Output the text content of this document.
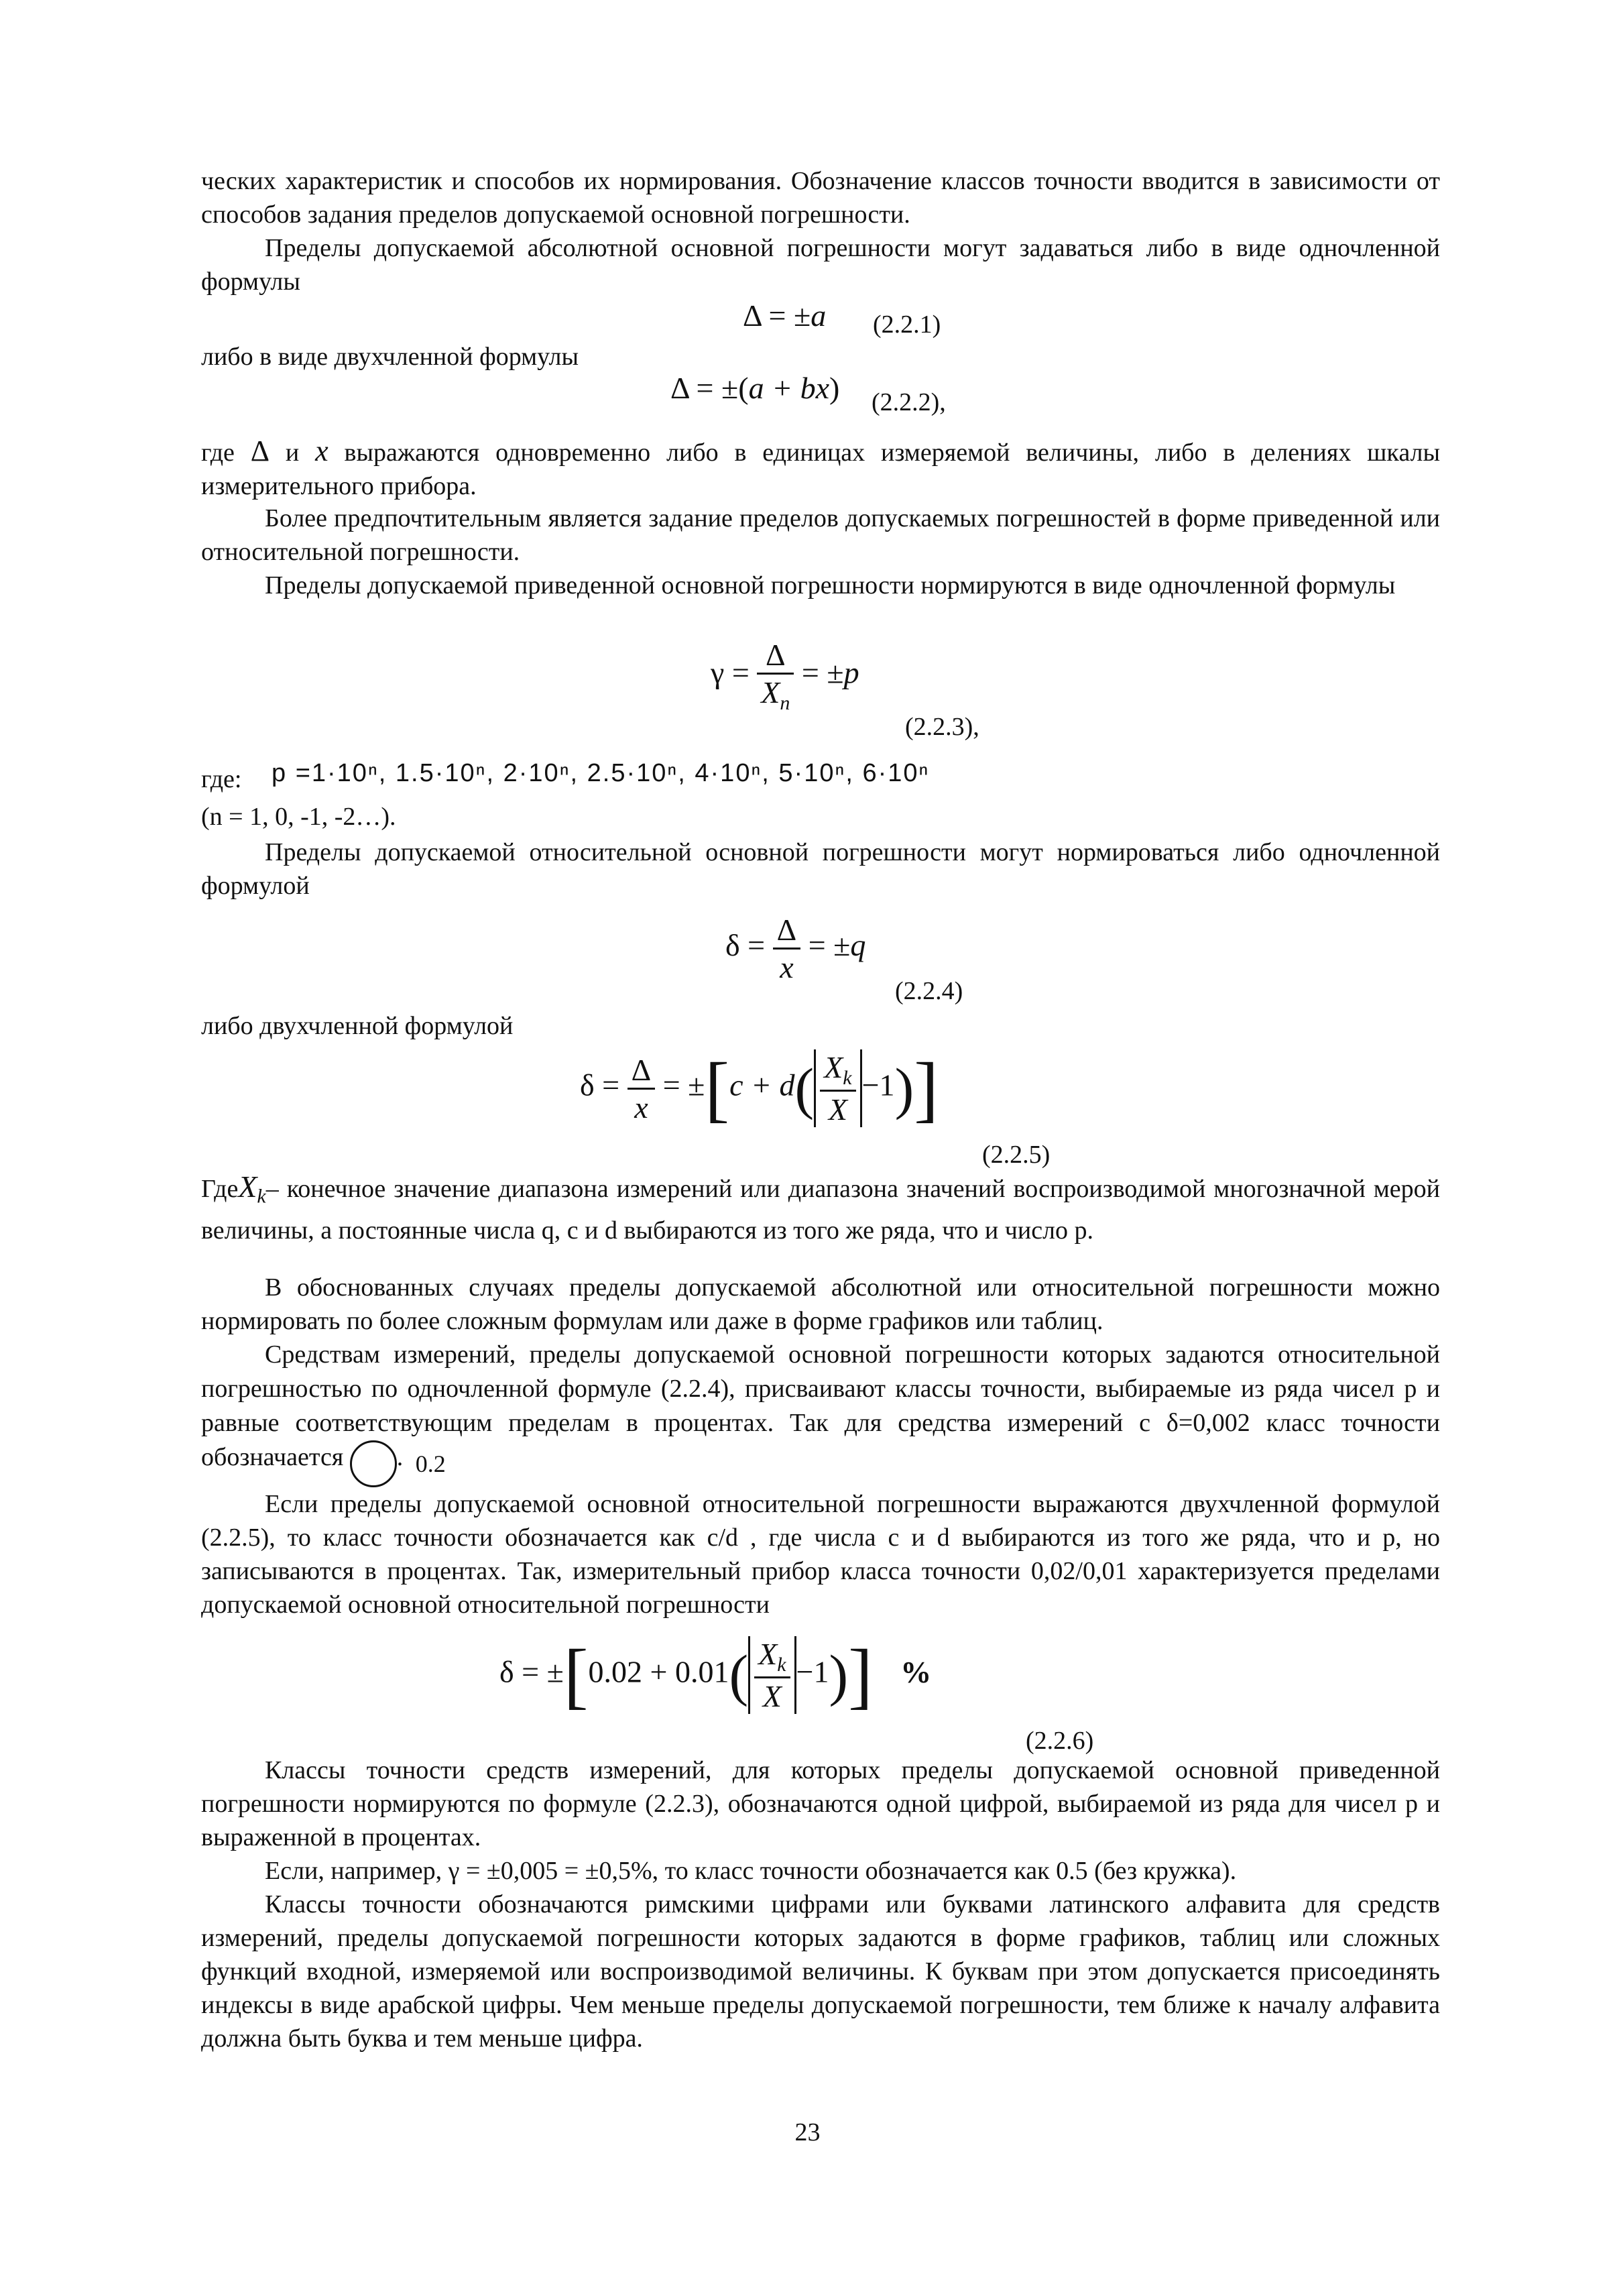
ческих характеристик и способов их нормирования. Обозначение классов точности вводится в зависимости от способов задания пределов допускаемой основной погрешности.
Пределы допускаемой абсолютной основной погрешности могут задаваться либо в виде одночленной формулы
Δ = ±a (2.2.1)
либо в виде двухчленной формулы
Δ = ±(a + bx) (2.2.2),
где Δ и x выражаются одновременно либо в единицах измеряемой величины, либо в делениях шкалы измерительного прибора.
Более предпочтительным является задание пределов допускаемых погрешностей в форме приведенной или относительной погрешности.
Пределы допускаемой приведенной основной погрешности нормируются в виде одночленной формулы
$\gamma = \frac{\Delta}{X_n} = \pm p$
(2.2.3),
где: p =1·10ⁿ, 1.5·10ⁿ, 2·10ⁿ, 2.5·10ⁿ, 4·10ⁿ, 5·10ⁿ, 6·10ⁿ
(n = 1, 0, -1, -2…).
Пределы допускаемой относительной основной погрешности могут нормироваться либо одночленной формулой
$\delta = \frac{\Delta}{x} = \pm q$
(2.2.4)
либо двухчленной формулой
$\delta = \frac{\Delta}{x} = \pm[c + d( \frac{X_k}{X} -1)]$
(2.2.5)
ГдеX$_k$– конечное значение диапазона измерений или диапазона значений воспроизводимой многозначной мерой величины, а постоянные числа q, c и d выбираются из того же ряда, что и число p.
В обоснованных случаях пределы допускаемой абсолютной или относительной погрешности можно нормировать по более сложным формулам или даже в форме графиков или таблиц.
Средствам измерений, пределы допускаемой основной погрешности которых задаются относительной погрешностью по одночленной формуле (2.2.4), присваивают классы точности, выбираемые из ряда чисел p и равные соответствующим пределам в процентах. Так для средства измерений с δ=0,002 класс точности обозначается	0.2.
Если пределы допускаемой основной относительной погрешности выражаются двухчленной формулой (2.2.5), то класс точности обозначается как c/d , где числа c и d выбираются из того же ряда, что и p, но записываются в процентах. Так, измерительный прибор класса точности 0,02/0,01 характеризуется пределами допускаемой основной относительной погрешности
$\delta = \pm[0.02 + 0.01( \frac{X_k}{X} -1)]$ %
(2.2.6)
Классы точности средств измерений, для которых пределы допускаемой основной приведенной погрешности нормируются по формуле (2.2.3), обозначаются одной цифрой, выбираемой из ряда для чисел p и выраженной в процентах.
Если, например, γ = ±0,005 = ±0,5%, то класс точности обозначается как 0.5 (без кружка).
Классы точности обозначаются римскими цифрами или буквами латинского алфавита для средств измерений, пределы допускаемой погрешности которых задаются в форме графиков, таблиц или сложных функций входной, измеряемой или воспроизводимой величины. К буквам при этом допускается присоединять индексы в виде арабской цифры. Чем меньше пределы допускаемой погрешности, тем ближе к началу алфавита должна быть буква и тем меньше цифра.
23
